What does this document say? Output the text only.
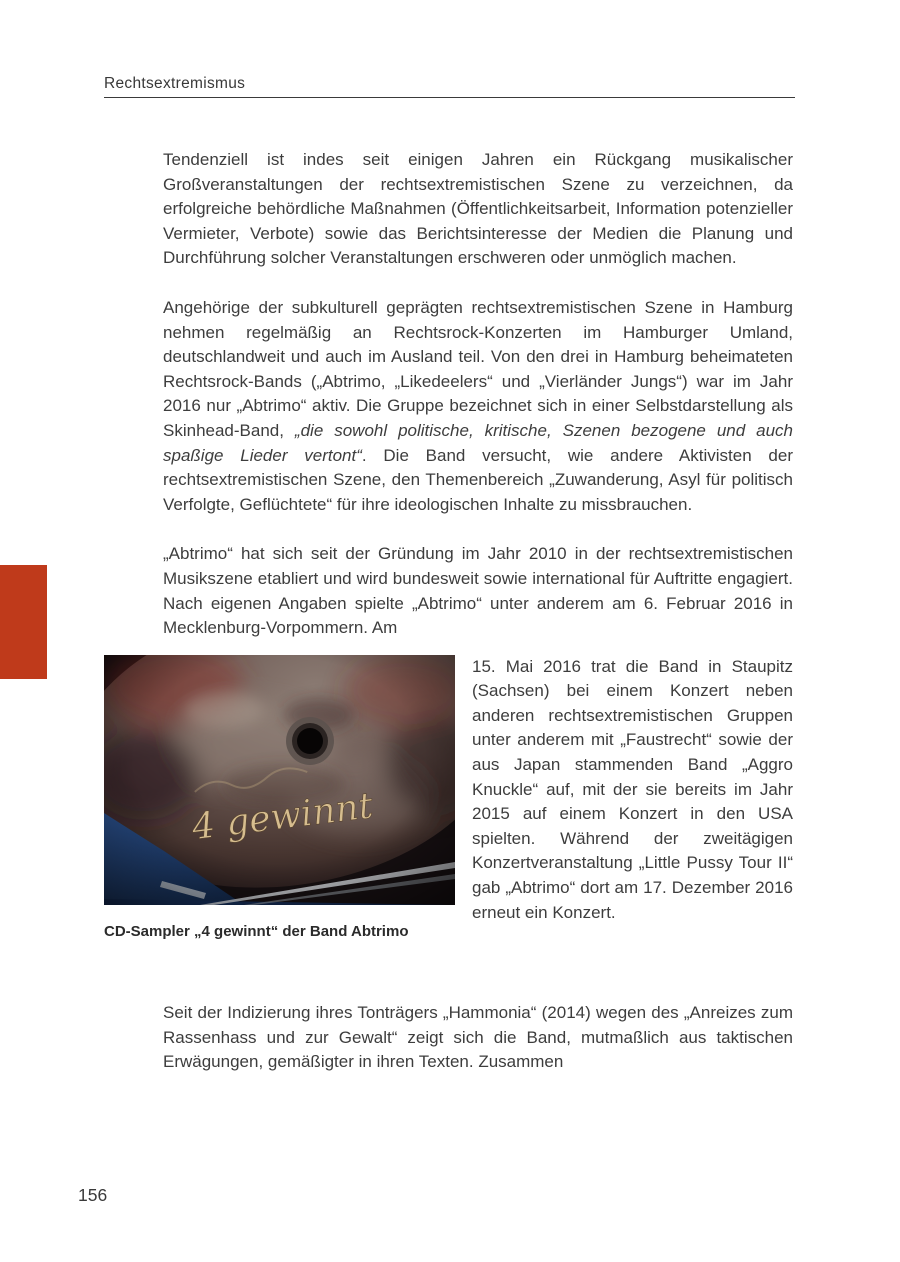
Rechtsextremismus

Tendenziell ist indes seit einigen Jahren ein Rückgang musikalischer Großveranstaltungen der rechtsextremistischen Szene zu verzeichnen, da erfolgreiche behördliche Maßnahmen (Öffentlichkeitsarbeit, Information potenzieller Vermieter, Verbote) sowie das Berichtsinteresse der Medien die Planung und Durchführung solcher Veranstaltungen erschweren oder unmöglich machen.

Angehörige der subkulturell geprägten rechtsextremistischen Szene in Hamburg nehmen regelmäßig an Rechtsrock-Konzerten im Hamburger Umland, deutschlandweit und auch im Ausland teil. Von den drei in Hamburg beheimateten Rechtsrock-Bands („Abtrimo, „Likedeelers“ und „Vierländer Jungs“) war im Jahr 2016 nur „Abtrimo“ aktiv. Die Gruppe bezeichnet sich in einer Selbstdarstellung als Skinhead-Band, „die sowohl politische, kritische, Szenen bezogene und auch spaßige Lieder vertont“. Die Band versucht, wie andere Aktivisten der rechtsextremistischen Szene, den Themenbereich „Zuwanderung, Asyl für politisch Verfolgte, Geflüchtete“ für ihre ideologischen Inhalte zu missbrauchen.

„Abtrimo“ hat sich seit der Gründung im Jahr 2010 in der rechtsextremistischen Musikszene etabliert und wird bundesweit sowie international für Auftritte engagiert. Nach eigenen Angaben spielte „Abtrimo“ unter anderem am 6. Februar 2016 in Mecklenburg-Vorpommern. Am

CD-Sampler „4 gewinnt“ der Band Abtrimo

15. Mai 2016 trat die Band in Staupitz (Sachsen) bei einem Konzert neben anderen rechtsextremistischen Gruppen unter anderem mit „Faustrecht“ sowie der aus Japan stammenden Band „Aggro Knuckle“ auf, mit der sie bereits im Jahr 2015 auf einem Konzert in den USA spielten. Während der zweitägigen Konzertveranstaltung „Little Pussy Tour II“ gab „Abtrimo“ dort am 17. Dezember 2016 erneut ein Konzert.

Seit der Indizierung ihres Tonträgers „Hammonia“ (2014) wegen des „Anreizes zum Rassenhass und zur Gewalt“ zeigt sich die Band, mutmaßlich aus taktischen Erwägungen, gemäßigter in ihren Texten. Zusammen

156
